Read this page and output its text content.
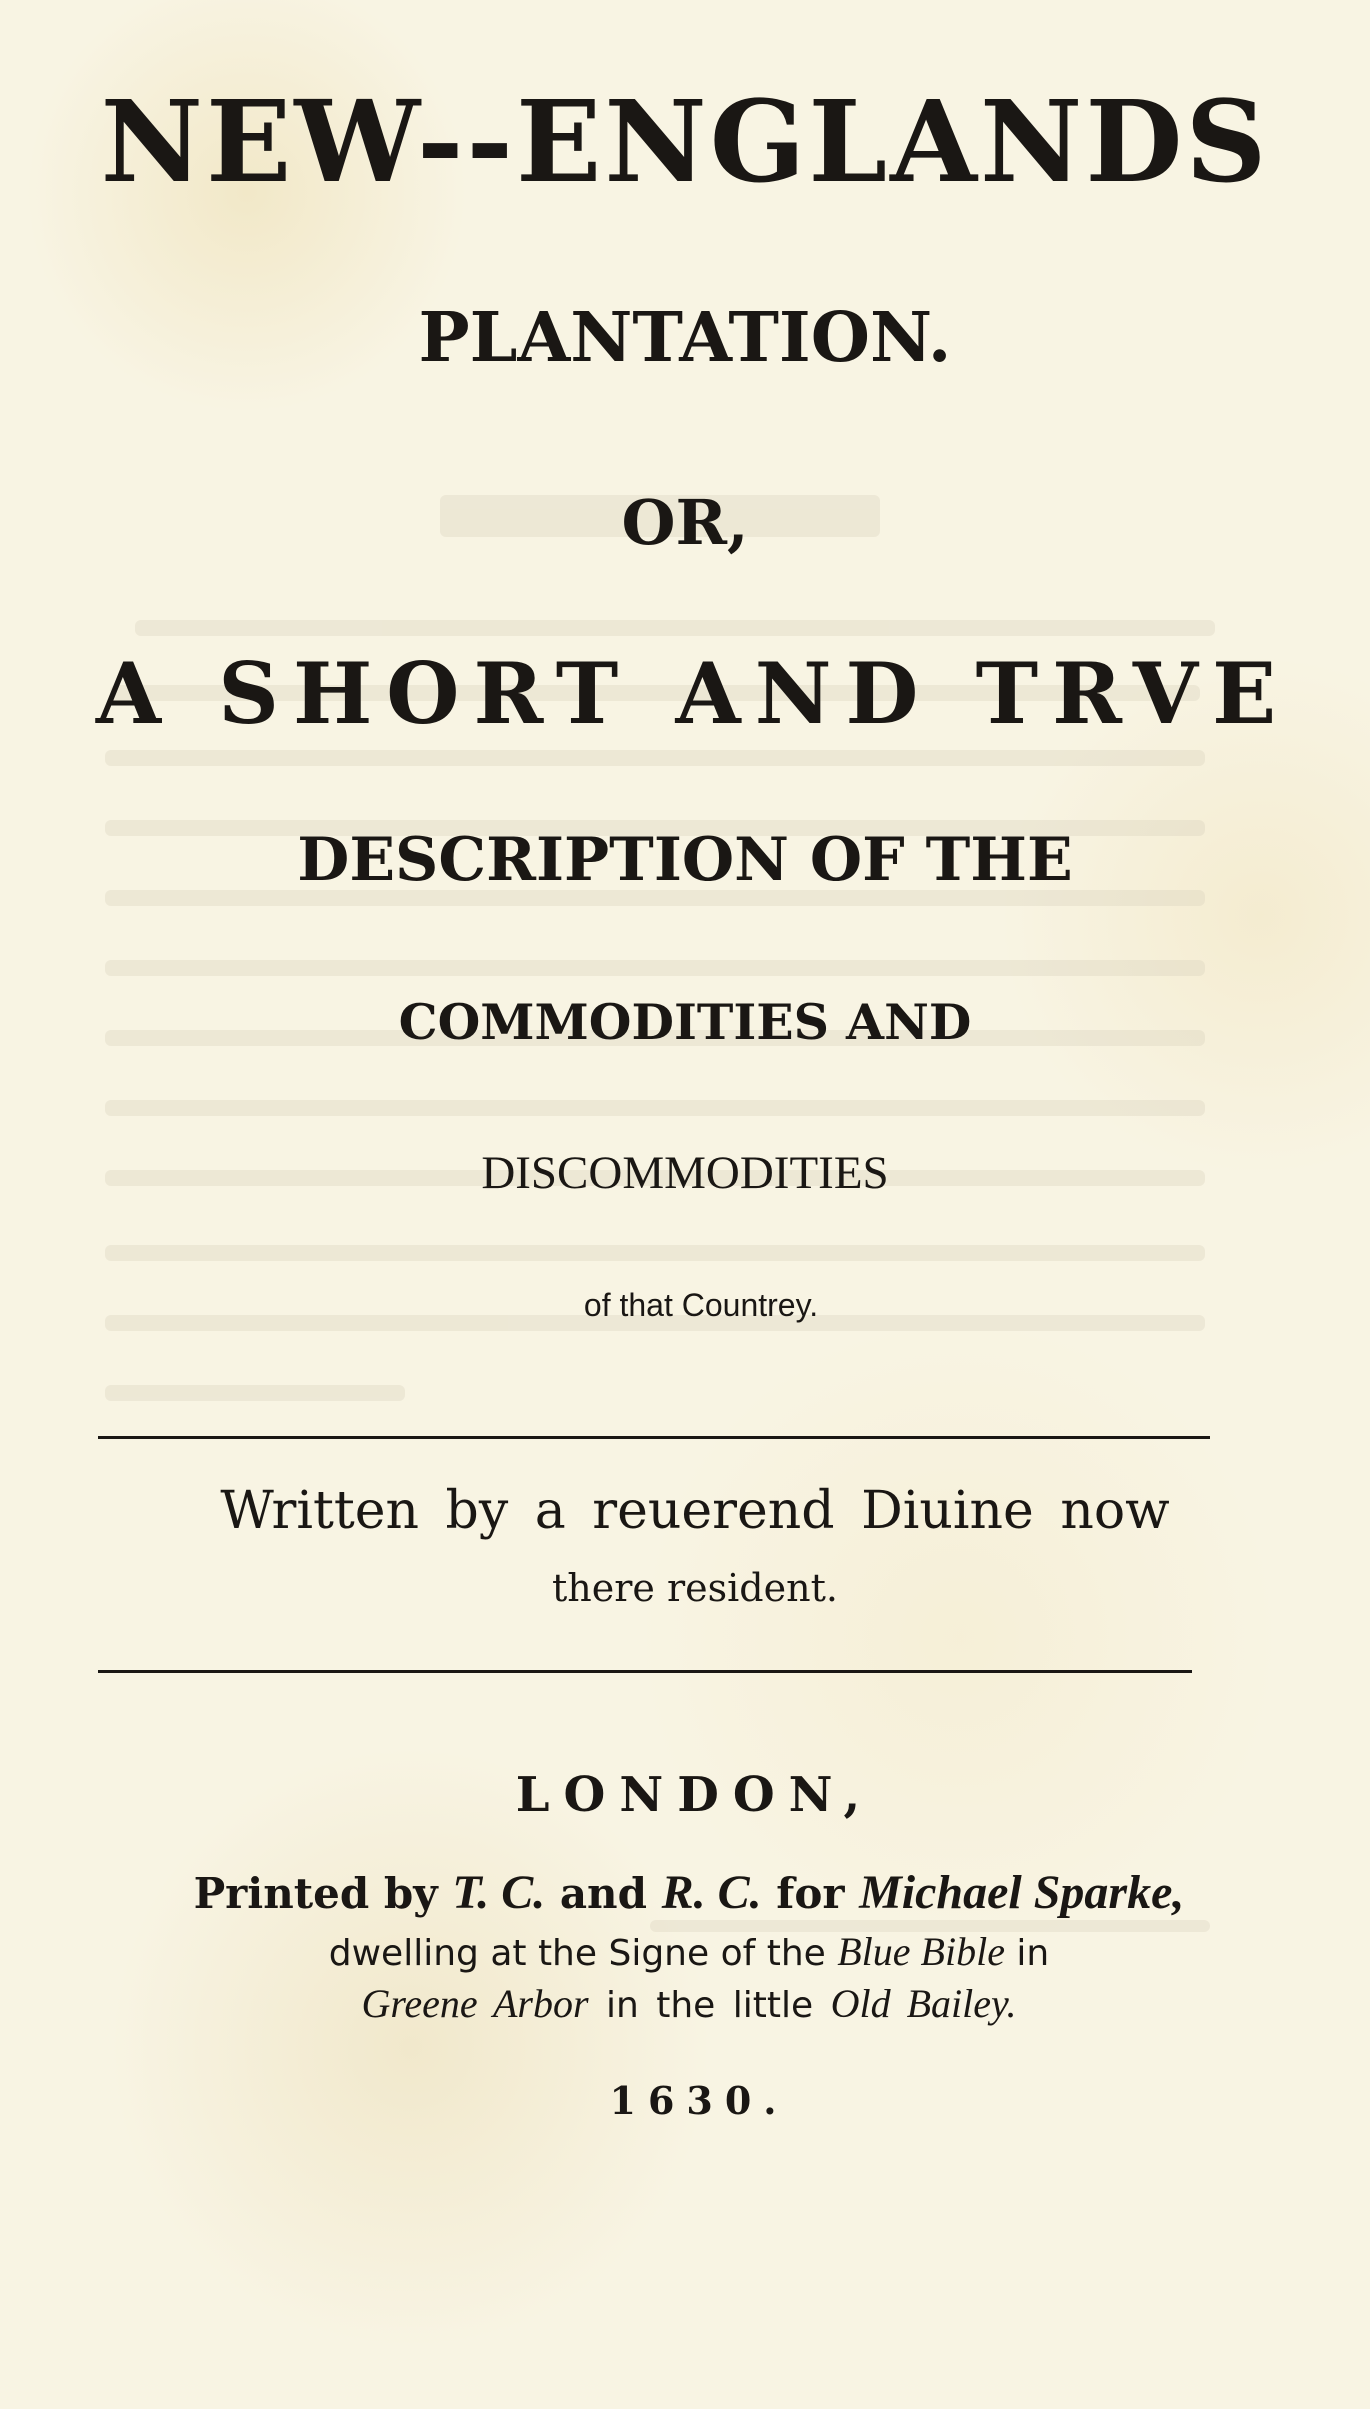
NEW--ENGLANDS
PLANTATION.
OR,
A SHORT AND TRVE
DESCRIPTION OF THE
COMMODITIES AND
DISCOMMODITIES
of that Countrey.
Written by a reuerend Diuine now
there resident.
LONDON,
Printed by T. C. and R. C. for Michael Sparke,
dwelling at the Signe of the Blue Bible in
Greene Arbor in the little Old Bailey.
1630.
